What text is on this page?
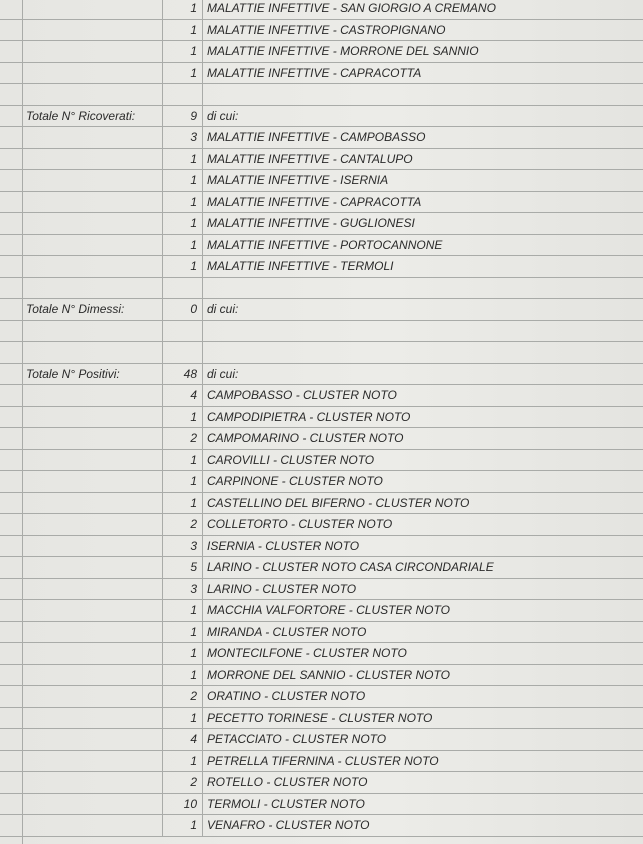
1 MALATTIE INFETTIVE - SAN GIORGIO A CREMANO
1 MALATTIE INFETTIVE - CASTROPIGNANO
1 MALATTIE INFETTIVE - MORRONE DEL SANNIO
1 MALATTIE INFETTIVE - CAPRACOTTA
Totale N° Ricoverati:	9 di cui:
3 MALATTIE INFETTIVE - CAMPOBASSO
1 MALATTIE INFETTIVE - CANTALUPO
1 MALATTIE INFETTIVE - ISERNIA
1 MALATTIE INFETTIVE - CAPRACOTTA
1 MALATTIE INFETTIVE - GUGLIONESI
1 MALATTIE INFETTIVE - PORTOCANNONE
1 MALATTIE INFETTIVE - TERMOLI
Totale N° Dimessi:	0 di cui:
Totale N° Positivi:	48 di cui:
4 CAMPOBASSO - CLUSTER NOTO
1 CAMPODIPIETRA - CLUSTER NOTO
2 CAMPOMARINO - CLUSTER NOTO
1 CAROVILLI - CLUSTER NOTO
1 CARPINONE - CLUSTER NOTO
1 CASTELLINO DEL BIFERNO - CLUSTER NOTO
2 COLLETORTO - CLUSTER NOTO
3 ISERNIA - CLUSTER NOTO
5 LARINO - CLUSTER NOTO CASA CIRCONDARIALE
3 LARINO - CLUSTER NOTO
1 MACCHIA VALFORTORE - CLUSTER NOTO
1 MIRANDA - CLUSTER NOTO
1 MONTECILFONE - CLUSTER NOTO
1 MORRONE DEL SANNIO - CLUSTER NOTO
2 ORATINO - CLUSTER NOTO
1 PECETTO TORINESE - CLUSTER NOTO
4 PETACCIATO - CLUSTER NOTO
1 PETRELLA TIFERNINA - CLUSTER NOTO
2 ROTELLO - CLUSTER NOTO
10 TERMOLI - CLUSTER NOTO
1 VENAFRO - CLUSTER NOTO
